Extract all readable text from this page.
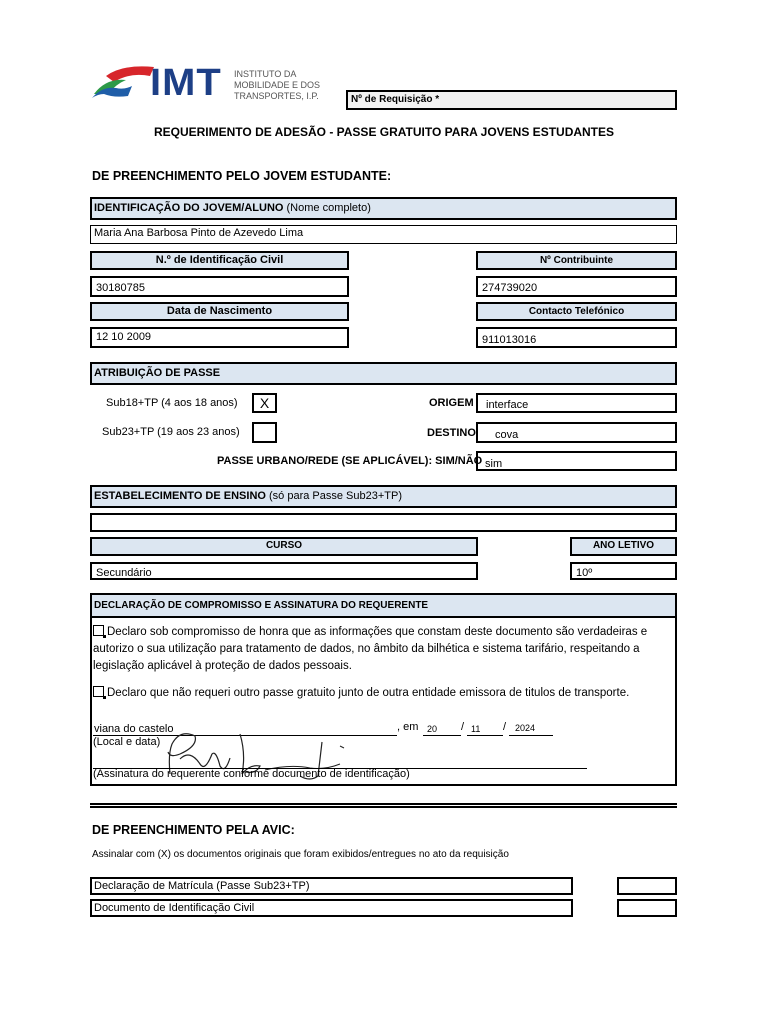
IMT INSTITUTO DA
MOBILIDADE E DOS
TRANSPORTES, I.P.	Nº de Requisição *
REQUERIMENTO DE ADESÃO - PASSE GRATUITO PARA JOVENS ESTUDANTES
DE PREENCHIMENTO PELO JOVEM ESTUDANTE:
IDENTIFICAÇÃO DO JOVEM/ALUNO (Nome completo)
Maria Ana Barbosa Pinto de Azevedo Lima
N.º de Identificação Civil	Nº Contribuinte
30180785	274739020
Data de Nascimento	Contacto Telefónico
12 10 2009	911013016
ATRIBUIÇÃO DE PASSE
Sub18+TP (4 aos 18 anos)	X
Sub23+TP (19 aos 23 anos)
ORIGEM	interface
DESTINO	cova
PASSE URBANO/REDE (SE APLICÁVEL): SIM/NÃO sim
ESTABELECIMENTO DE ENSINO (só para Passe Sub23+TP)
CURSO	ANO LETIVO
Secundário	10º
DECLARAÇÃO DE COMPROMISSO E ASSINATURA DO REQUERENTE
Declaro sob compromisso de honra que as informações que constam deste documento são verdadeiras e autorizo o sua utilização para tratamento de dados, no âmbito da bilhética e sistema tarifário, respeitando a legislação aplicável à proteção de dados pessoais.
Declaro que não requeri outro passe gratuito junto de outra entidade emissora de titulos de transporte.
viana do castelo	, em 20 / 11 / 2024
(Local e data)
(Assinatura do requerente conforme documento de identificação)
DE PREENCHIMENTO PELA AVIC:
Assinalar com (X) os documentos originais que foram exibidos/entregues no ato da requisição
Declaração de Matrícula (Passe Sub23+TP)
Documento de Identificação Civil
